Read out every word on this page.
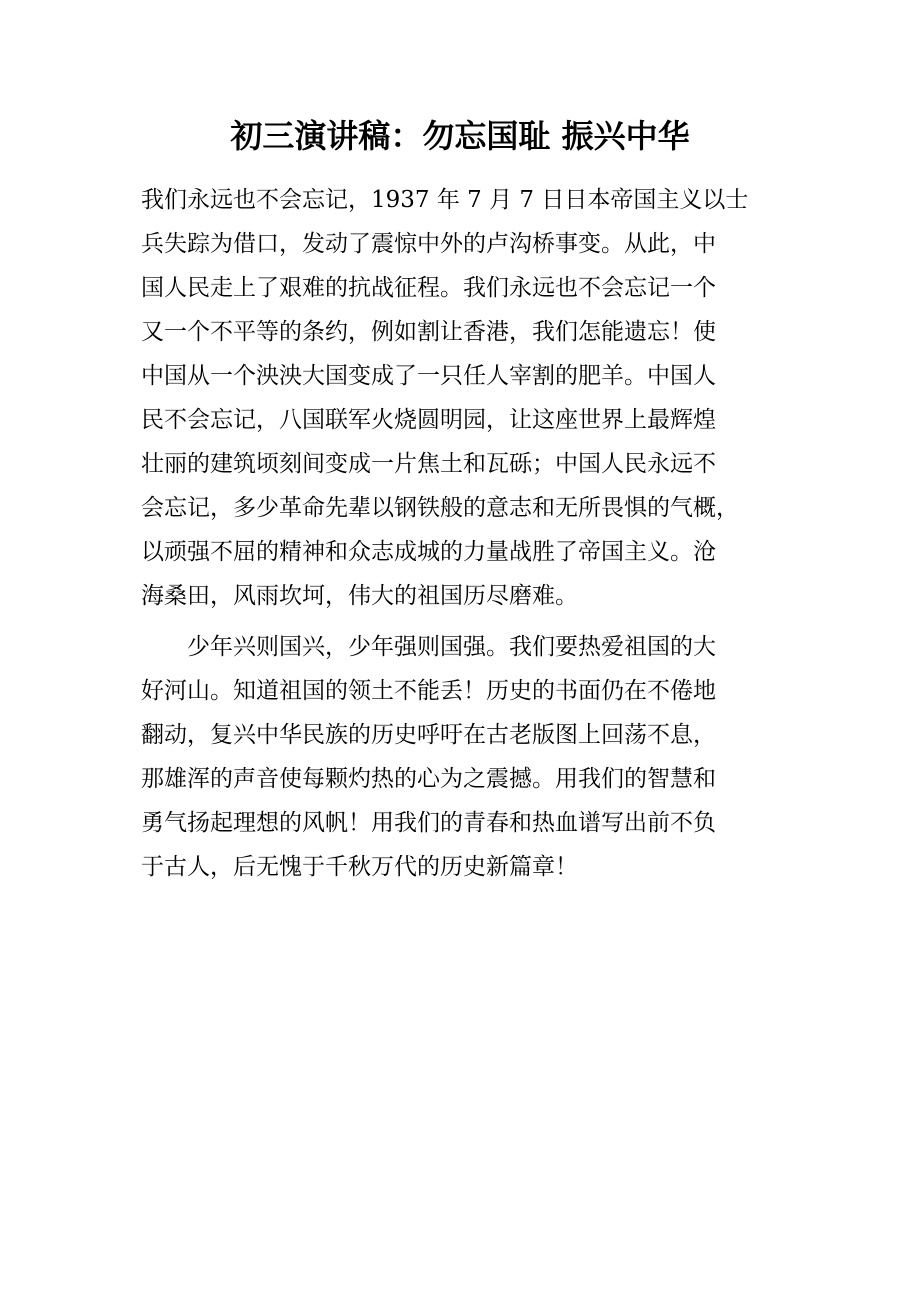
初三演讲稿：勿忘国耻 振兴中华
我们永远也不会忘记，1937 年 7 月 7 日日本帝国主义以士
兵失踪为借口，发动了震惊中外的卢沟桥事变。从此，中
国人民走上了艰难的抗战征程。我们永远也不会忘记一个
又一个不平等的条约，例如割让香港，我们怎能遗忘！使
中国从一个泱泱大国变成了一只任人宰割的肥羊。中国人
民不会忘记，八国联军火烧圆明园，让这座世界上最辉煌
壮丽的建筑顷刻间变成一片焦土和瓦砾；中国人民永远不
会忘记，多少革命先辈以钢铁般的意志和无所畏惧的气概，
以顽强不屈的精神和众志成城的力量战胜了帝国主义。沧
海桑田，风雨坎坷，伟大的祖国历尽磨难。
　　少年兴则国兴，少年强则国强。我们要热爱祖国的大
好河山。知道祖国的领土不能丢！历史的书面仍在不倦地
翻动，复兴中华民族的历史呼吁在古老版图上回荡不息，
那雄浑的声音使每颗灼热的心为之震撼。用我们的智慧和
勇气扬起理想的风帆！用我们的青春和热血谱写出前不负
于古人，后无愧于千秋万代的历史新篇章！
